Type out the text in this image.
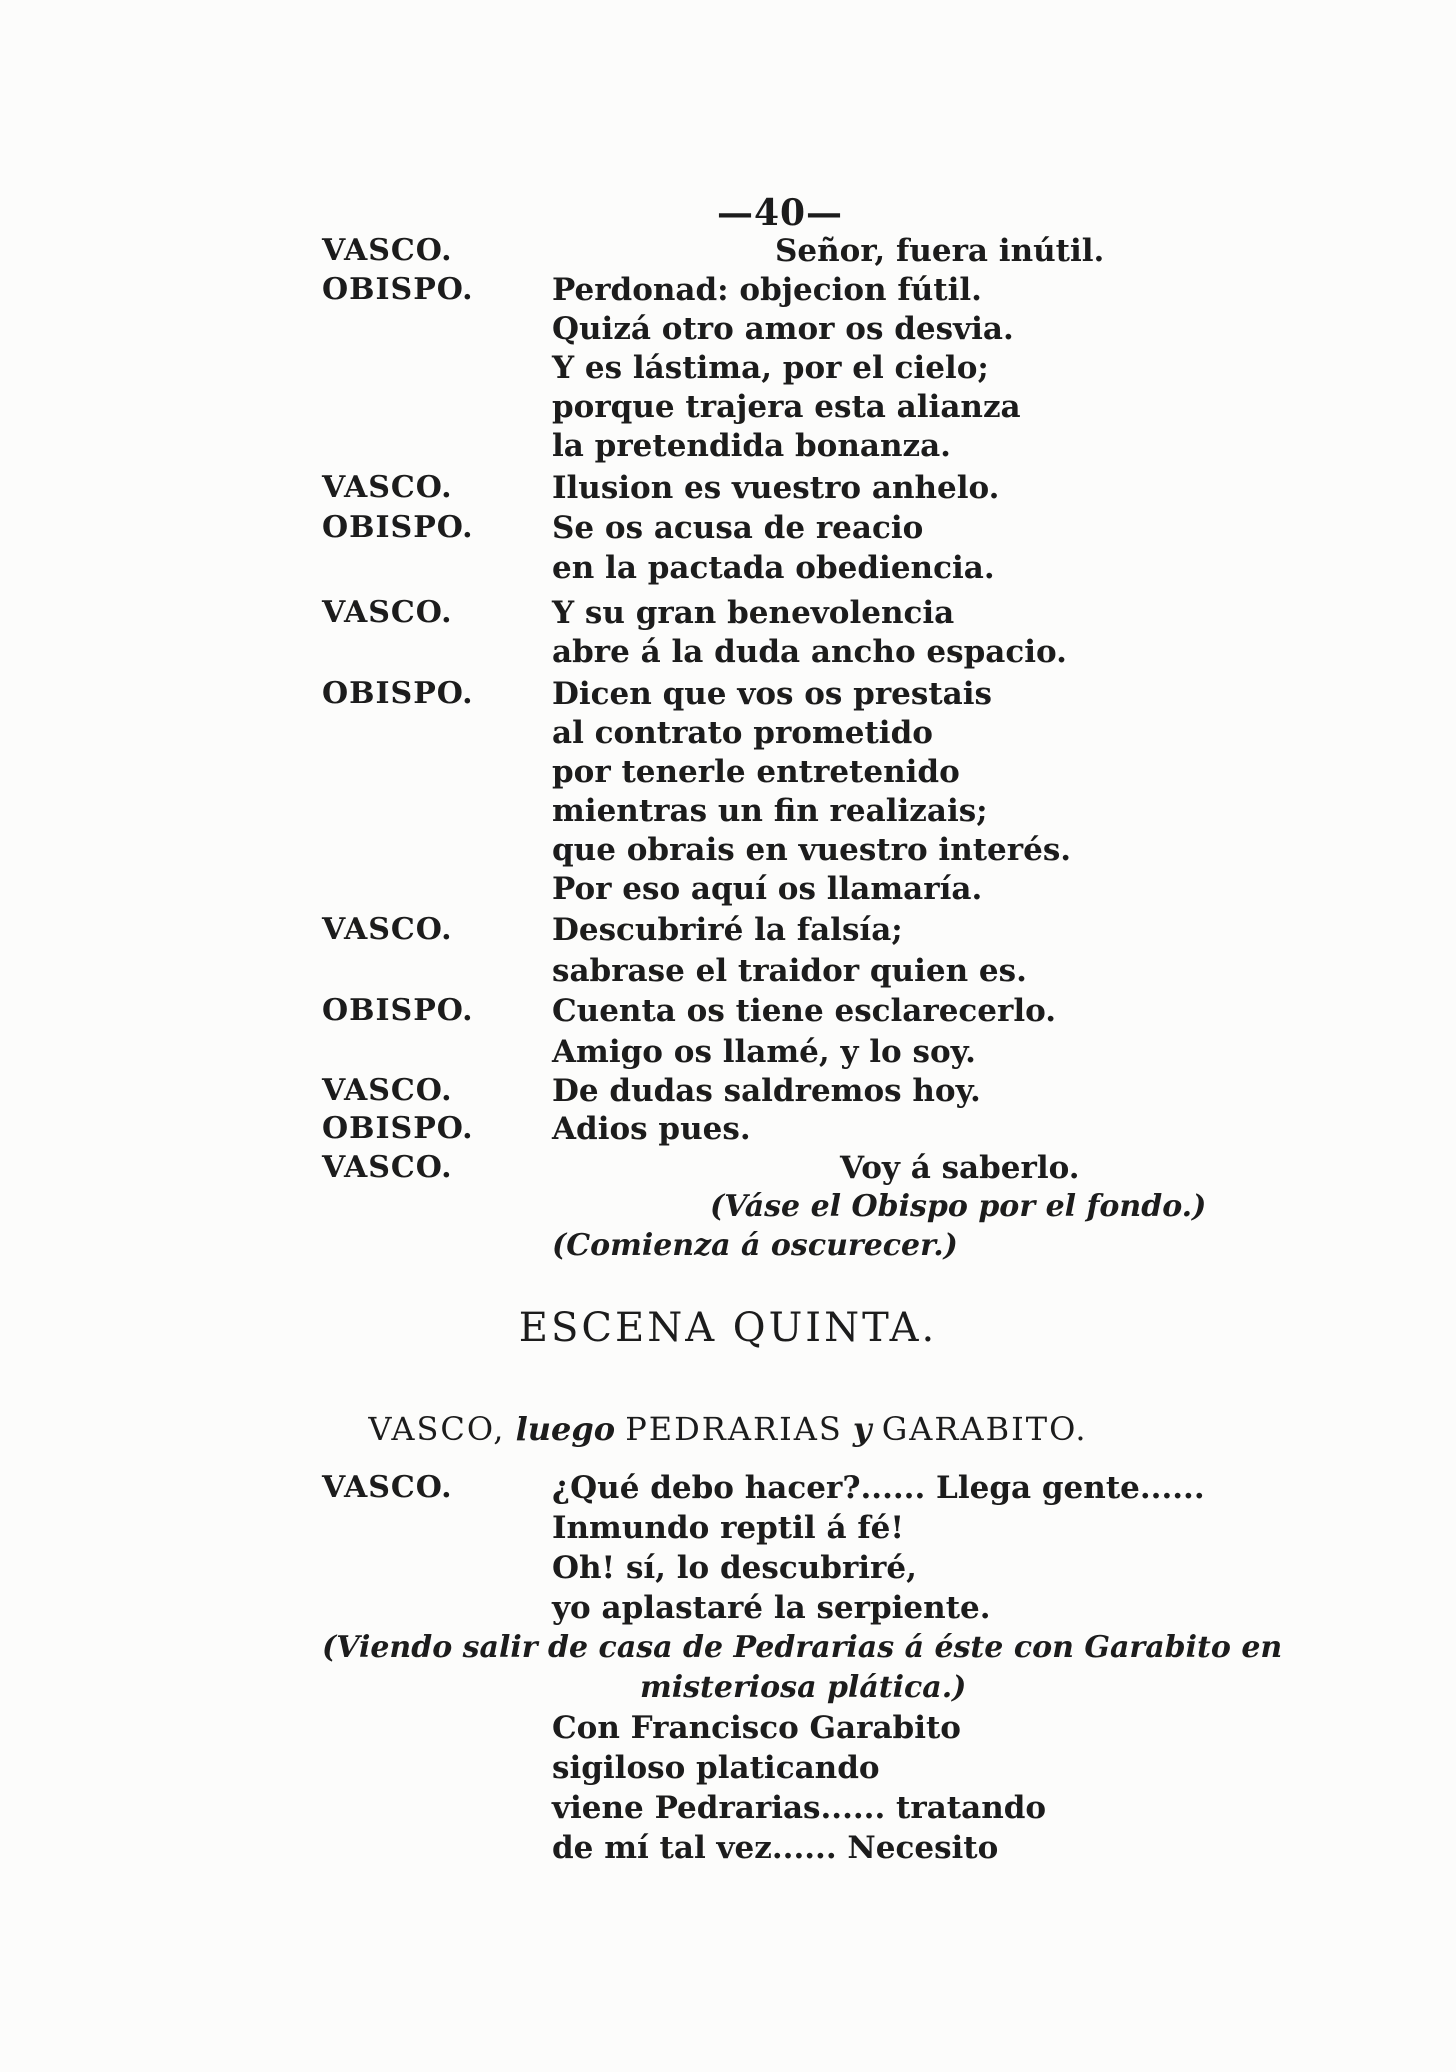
—40—
VASCO.	Señor, fuera inútil.
OBISPO.	Perdonad: objecion fútil.
Quizá otro amor os desvia.
Y es lástima, por el cielo;
porque trajera esta alianza
la pretendida bonanza.
VASCO.	Ilusion es vuestro anhelo.
OBISPO.	Se os acusa de reacio
en la pactada obediencia.
VASCO.	Y su gran benevolencia
abre á la duda ancho espacio.
OBISPO.	Dicen que vos os prestais
al contrato prometido
por tenerle entretenido
mientras un fin realizais;
que obrais en vuestro interés.
Por eso aquí os llamaría.
VASCO.	Descubriré la falsía;
sabrase el traidor quien es.
OBISPO.	Cuenta os tiene esclarecerlo.
Amigo os llamé, y lo soy.
VASCO.	De dudas saldremos hoy.
OBISPO.	Adios pues.
VASCO.	Voy á saberlo.
(Váse el Obispo por el fondo.)
(Comienza á oscurecer.)
ESCENA QUINTA.
VASCO, luego PEDRARIAS y GARABITO.
VASCO.	¿Qué debo hacer?...... Llega gente......
Inmundo reptil á fé!
Oh! sí, lo descubriré,
yo aplastaré la serpiente.
(Viendo salir de casa de Pedrarias á éste con Garabito en
misteriosa plática.)
Con Francisco Garabito
sigiloso platicando
viene Pedrarias...... tratando
de mí tal vez...... Necesito
